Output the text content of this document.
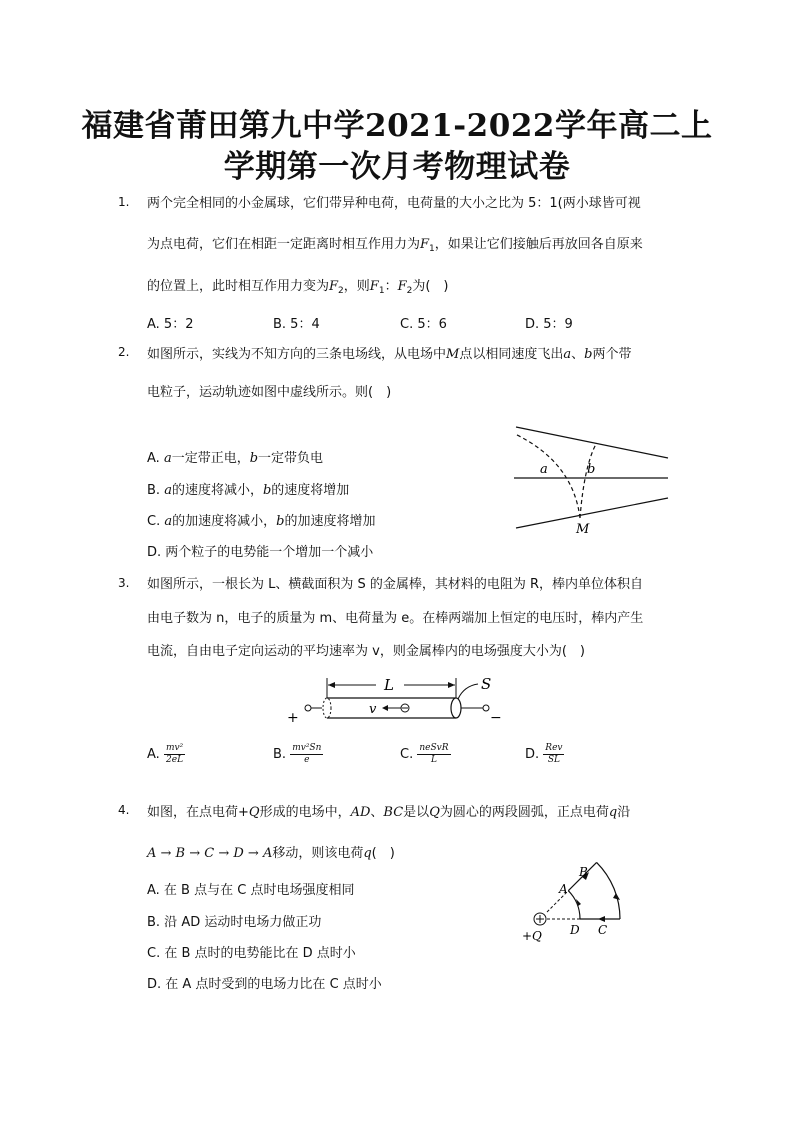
福建省莆田第九中学2021-2022学年高二上
学期第一次月考物理试卷
1. 两个完全相同的小金属球，它们带异种电荷，电荷量的大小之比为 5：1(两小球皆可视
为点电荷，它们在相距一定距离时相互作用力为$F_1$，如果让它们接触后再放回各自原来
的位置上，此时相互作用力变为$F_2$，则$F_1$：$F_2$为(　)
A. 5：2	B. 5：4	C. 5：6	D. 5：9
2. 如图所示，实线为不知方向的三条电场线，从电场中M点以相同速度飞出a、b两个带
电粒子，运动轨迹如图中虚线所示。则(　)
A. a一定带正电，b一定带负电
B. a的速度将减小，b的速度将增加
C. a的加速度将减小，b的加速度将增加
D. 两个粒子的电势能一个增加一个减小
a	b
M
3. 如图所示，一根长为 L、横截面积为 S 的金属棒，其材料的电阻为 R，棒内单位体积自
由电子数为 n，电子的质量为 m、电荷量为 e。在棒两端加上恒定的电压时，棒内产生
电流，自由电子定向运动的平均速率为 v，则金属棒内的电场强度大小为(　)
L
+	−
v
S
A. $\frac{\text{mv²}}{2eL}$	B. $\frac{\text{mv²Sn}}{e}$	C. $\frac{\text{neSvR}}{L}$	D. $\frac{\text{Rev}}{SL}$
4. 如图，在点电荷+Q形成的电场中，AD、BC是以Q为圆心的两段圆弧，正点电荷q沿
A → B → C → D → A移动，则该电荷q(　)
A. 在 B 点与在 C 点时电场强度相同
B. 沿 AD 运动时电场力做正功
C. 在 B 点时的电势能比在 D 点时小
D. 在 A 点时受到的电场力比在 C 点时小
A
B
C
D
+Q
